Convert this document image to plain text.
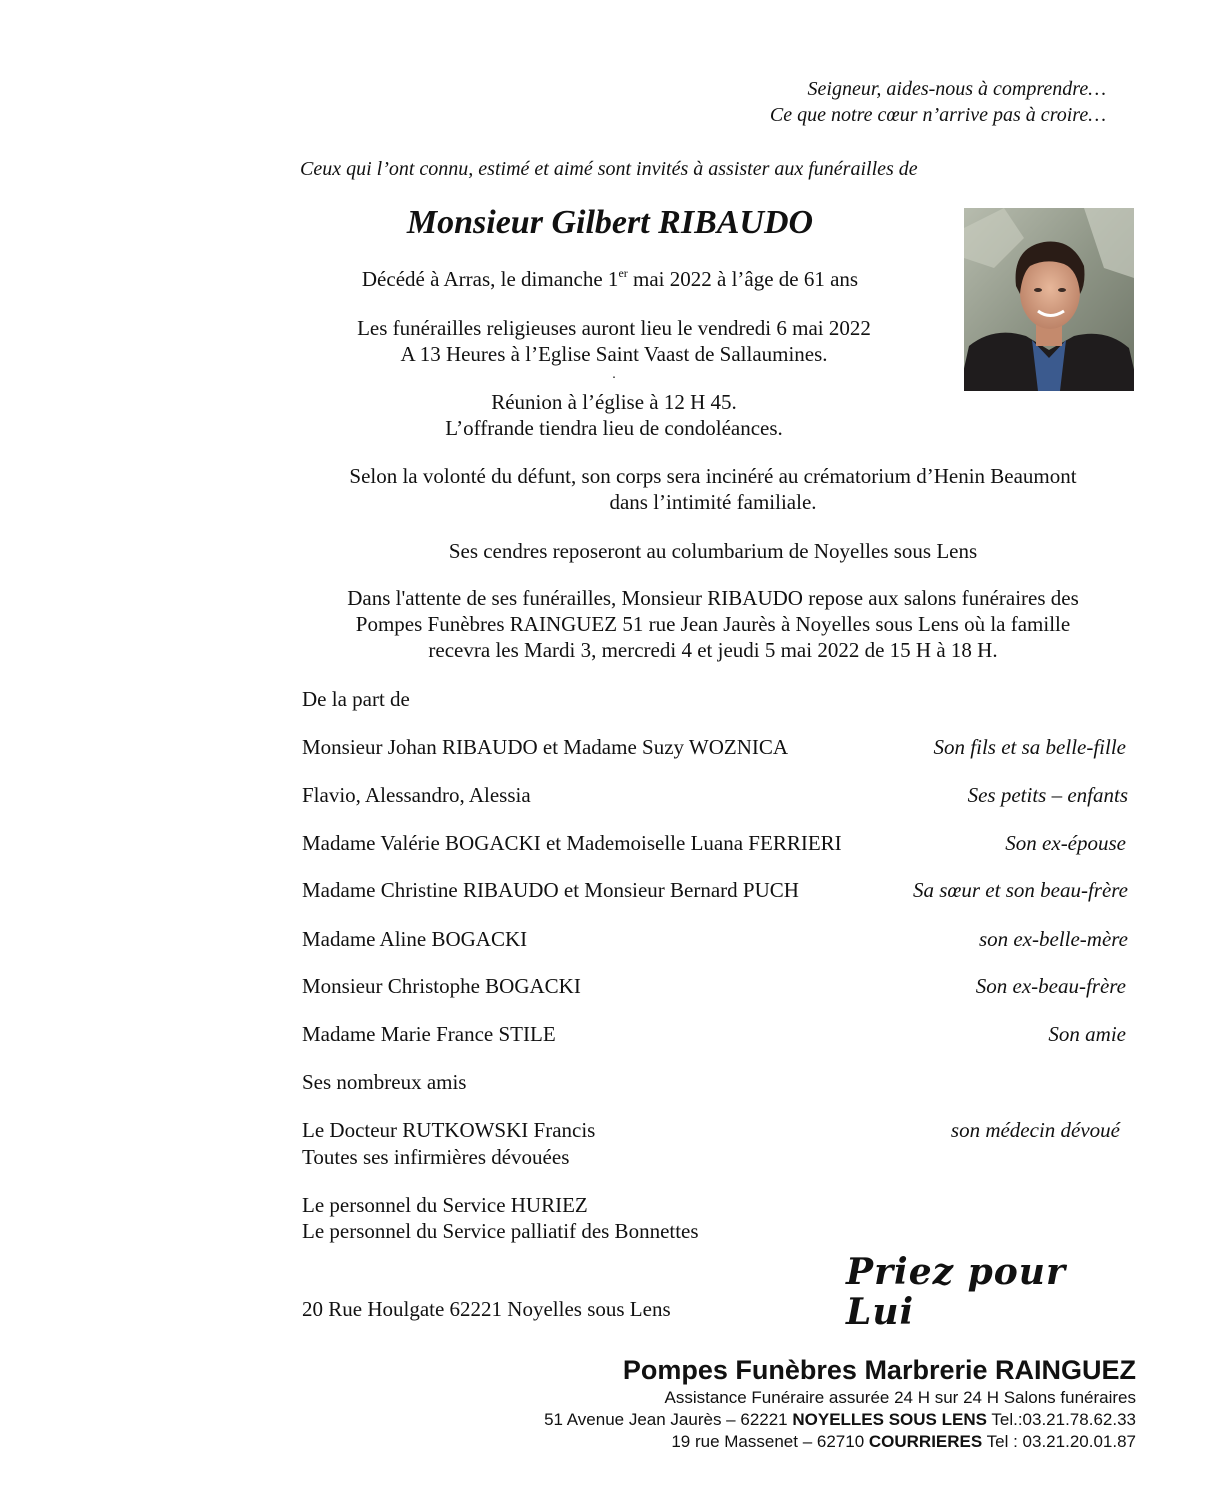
Seigneur, aides-nous à comprendre…
Ce que notre cœur n’arrive pas à croire…
Ceux qui l’ont connu, estimé et aimé sont invités à assister aux funérailles de
Monsieur Gilbert RIBAUDO
Décédé à Arras, le dimanche 1er mai 2022 à l’âge de 61 ans
Les funérailles religieuses auront lieu le vendredi 6 mai 2022
A 13 Heures à l’Eglise Saint Vaast de Sallaumines.
.
Réunion à l’église à 12 H 45.
L’offrande tiendra lieu de condoléances.
Selon la volonté du défunt, son corps sera incinéré au crématorium d’Henin Beaumont
dans l’intimité familiale.
Ses cendres reposeront au columbarium de Noyelles sous Lens
Dans l'attente de ses funérailles, Monsieur RIBAUDO repose aux salons funéraires des
Pompes Funèbres RAINGUEZ 51 rue Jean Jaurès à Noyelles sous Lens où la famille
recevra les Mardi 3, mercredi 4 et jeudi 5 mai 2022 de 15 H à 18 H.
De la part de
Monsieur Johan RIBAUDO et Madame Suzy WOZNICA	Son fils et sa belle-fille
Flavio, Alessandro, Alessia	Ses petits – enfants
Madame Valérie BOGACKI et Mademoiselle Luana FERRIERI	Son ex-épouse
Madame Christine RIBAUDO et Monsieur Bernard PUCH	Sa sœur et son beau-frère
Madame Aline BOGACKI	son ex-belle-mère
Monsieur Christophe BOGACKI	Son ex-beau-frère
Madame Marie France STILE	Son amie
Ses nombreux amis
Le Docteur RUTKOWSKI Francis	son médecin dévoué
Toutes ses infirmières dévouées
Le personnel du Service HURIEZ
Le personnel du Service palliatif des Bonnettes
Priez pour Lui
20 Rue Houlgate 62221 Noyelles sous Lens
Pompes Funèbres Marbrerie RAINGUEZ
Assistance Funéraire assurée 24 H sur 24 H Salons funéraires
51 Avenue Jean Jaurès – 62221 NOYELLES SOUS LENS Tel.:03.21.78.62.33
19 rue Massenet – 62710 COURRIERES Tel : 03.21.20.01.87
